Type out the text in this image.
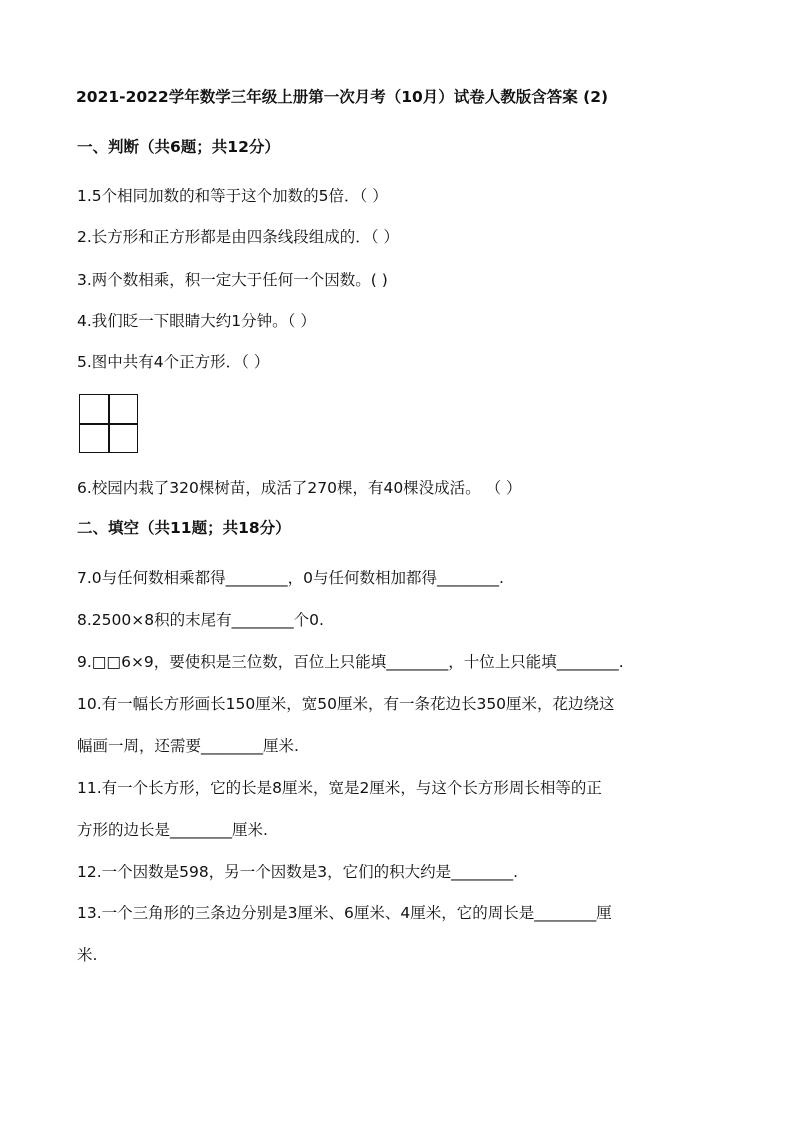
2021-2022学年数学三年级上册第一次月考（10月）试卷人教版含答案 (2)
一、判断（共6题；共12分）
1.5个相同加数的和等于这个加数的5倍．（ ）
2.长方形和正方形都是由四条线段组成的．（ ）
3.两个数相乘，积一定大于任何一个因数。( )
4.我们眨一下眼睛大约1分钟。（ ）
5.图中共有4个正方形．（ ）
6.校园内栽了320棵树苗，成活了270棵，有40棵没成活。 （ ）
二、填空（共11题；共18分）
7.0与任何数相乘都得________，0与任何数相加都得________.
8.2500×8积的末尾有________个0.
9.□□6×9，要使积是三位数，百位上只能填________，十位上只能填________.
10.有一幅长方形画长150厘米，宽50厘米，有一条花边长350厘米，花边绕这
幅画一周，还需要________厘米.
11.有一个长方形，它的长是8厘米，宽是2厘米，与这个长方形周长相等的正
方形的边长是________厘米.
12.一个因数是598，另一个因数是3，它们的积大约是________.
13.一个三角形的三条边分别是3厘米、6厘米、4厘米，它的周长是________厘
米.
